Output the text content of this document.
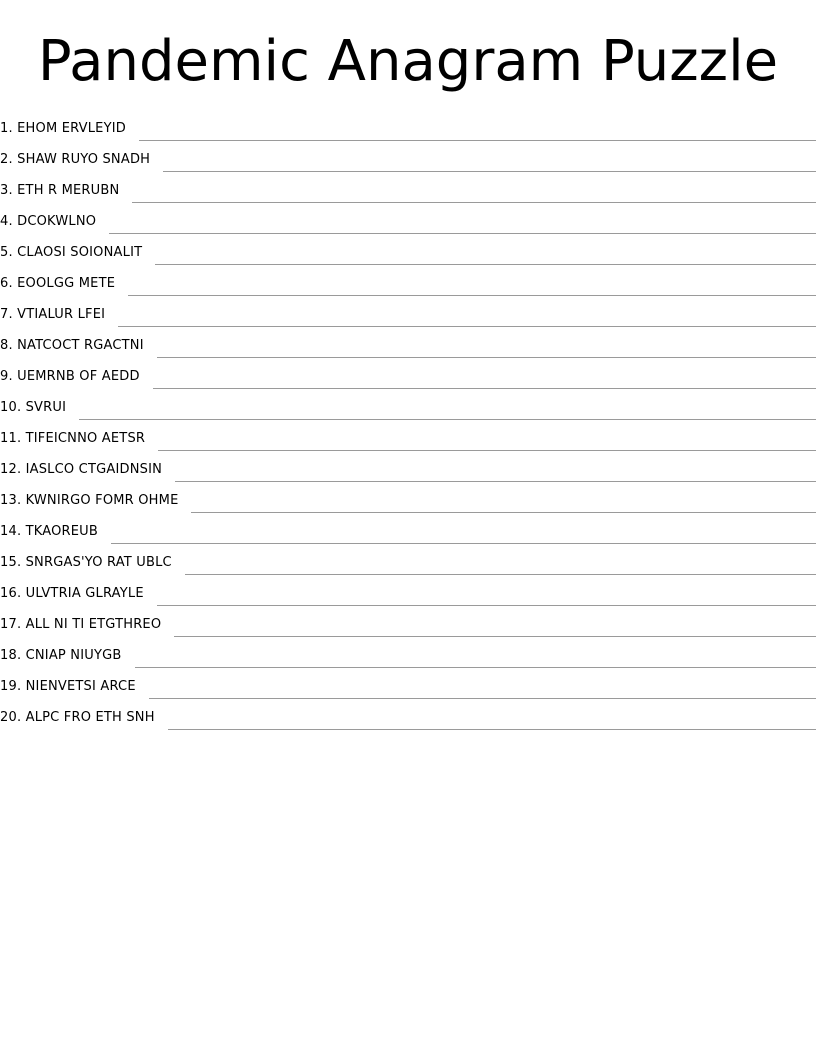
Pandemic Anagram Puzzle
1. EHOM ERVLEYID
2. SHAW RUYO SNADH
3. ETH R MERUBN
4. DCOKWLNO
5. CLAOSI SOIONALIT
6. EOOLGG METE
7. VTIALUR LFEI
8. NATCOCT RGACTNI
9. UEMRNB OF AEDD
10. SVRUI
11. TIFEICNNO AETSR
12. IASLCO CTGAIDNSIN
13. KWNIRGO FOMR OHME
14. TKAOREUB
15. SNRGAS'YO RAT UBLC
16. ULVTRIA GLRAYLE
17. ALL NI TI ETGTHREO
18. CNIAP NIUYGB
19. NIENVETSI ARCE
20. ALPC FRO ETH SNH
